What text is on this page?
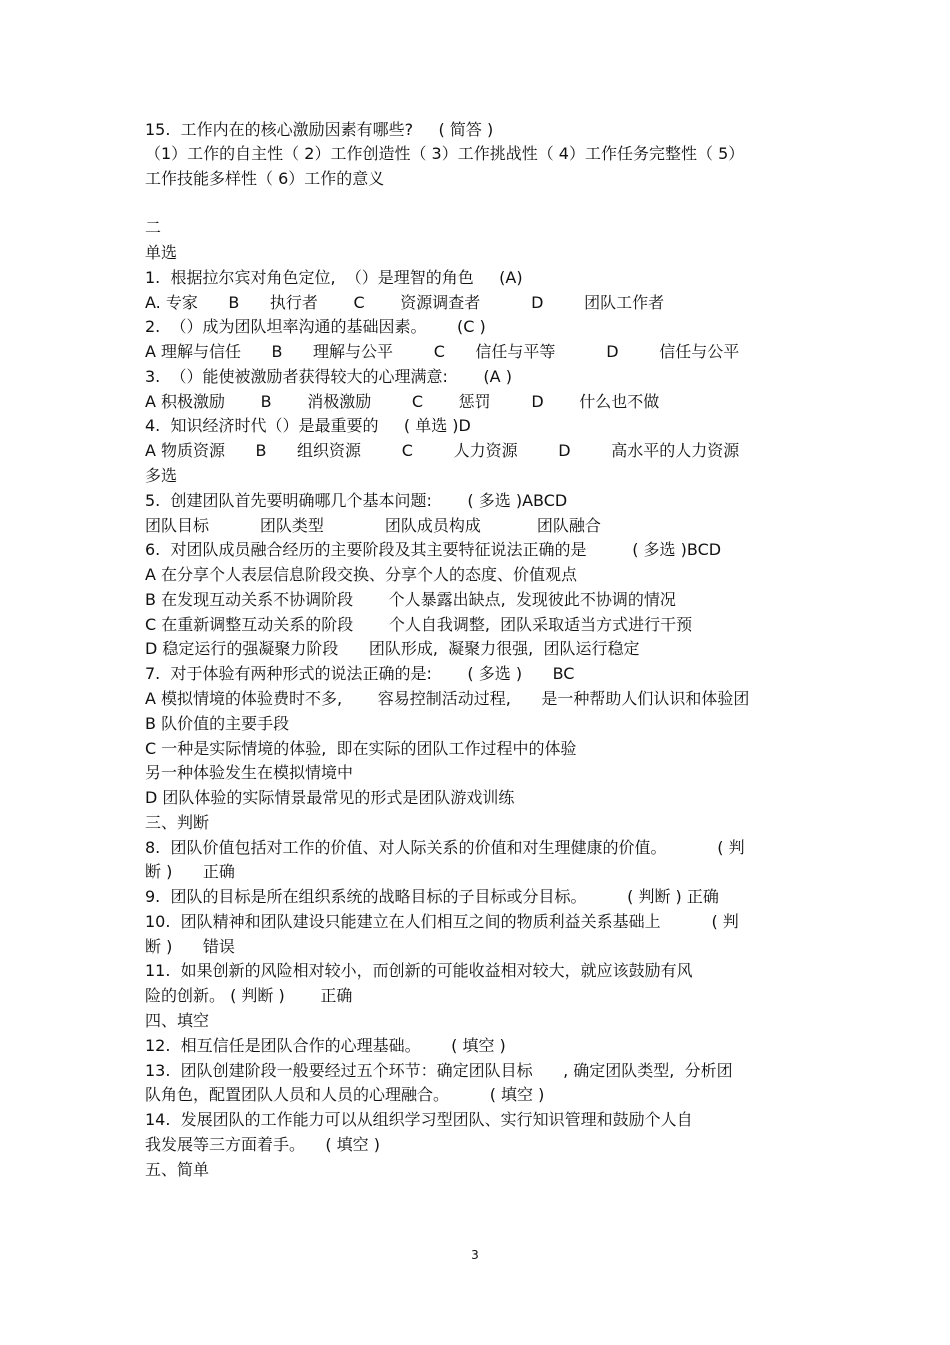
15.  工作内在的核心激励因素有哪些?     ( 简答 )
（1）工作的自主性（ 2）工作创造性（ 3）工作挑战性（ 4）工作任务完整性（ 5）
工作技能多样性（ 6）工作的意义
二
单选
1.  根据拉尔宾对角色定位,  （）是理智的角色     (A)
A. 专家      B      执行者       C       资源调查者          D        团队工作者
2.  （）成为团队坦率沟通的基础因素。      (C )
A 理解与信任      B      理解与公平        C      信任与平等          D        信任与公平
3.  （）能使被激励者获得较大的心理满意:       (A )
A 积极激励       B       消极激励        C       惩罚        D       什么也不做
4.  知识经济时代（）是最重要的     ( 单选 )D
A 物质资源      B      组织资源        C        人力资源        D        高水平的人力资源
多选
5.  创建团队首先要明确哪几个基本问题:       ( 多选 )ABCD
团队目标          团队类型            团队成员构成           团队融合
6.  对团队成员融合经历的主要阶段及其主要特征说法正确的是         ( 多选 )BCD
A 在分享个人表层信息阶段交换、分享个人的态度、价值观点
B 在发现互动关系不协调阶段       个人暴露出缺点,  发现彼此不协调的情况
C 在重新调整互动关系的阶段       个人自我调整,  团队采取适当方式进行干预
D 稳定运行的强凝聚力阶段      团队形成,  凝聚力很强,  团队运行稳定
7.  对于体验有两种形式的说法正确的是:       ( 多选 )      BC
A 模拟情境的体验费时不多,       容易控制活动过程,      是一种帮助人们认识和体验团
B 队价值的主要手段
C 一种是实际情境的体验,  即在实际的团队工作过程中的体验
另一种体验发生在模拟情境中
D 团队体验的实际情景最常见的形式是团队游戏训练
三、判断
8.  团队价值包括对工作的价值、对人际关系的价值和对生理健康的价值。          ( 判
断 )      正确
9.  团队的目标是所在组织系统的战略目标的子目标或分目标。        ( 判断 ) 正确
10.  团队精神和团队建设只能建立在人们相互之间的物质利益关系基础上          ( 判
断 )      错误
11.  如果创新的风险相对较小，而创新的可能收益相对较大，就应该鼓励有风
险的创新。 ( 判断 )       正确
四、填空
12.  相互信任是团队合作的心理基础。      ( 填空 )
13.  团队创建阶段一般要经过五个环节：确定团队目标      , 确定团队类型,  分析团
队角色，配置团队人员和人员的心理融合。        ( 填空 )
14.  发展团队的工作能力可以从组织学习型团队、实行知识管理和鼓励个人自
我发展等三方面着手。    ( 填空 )
五、简单
3
